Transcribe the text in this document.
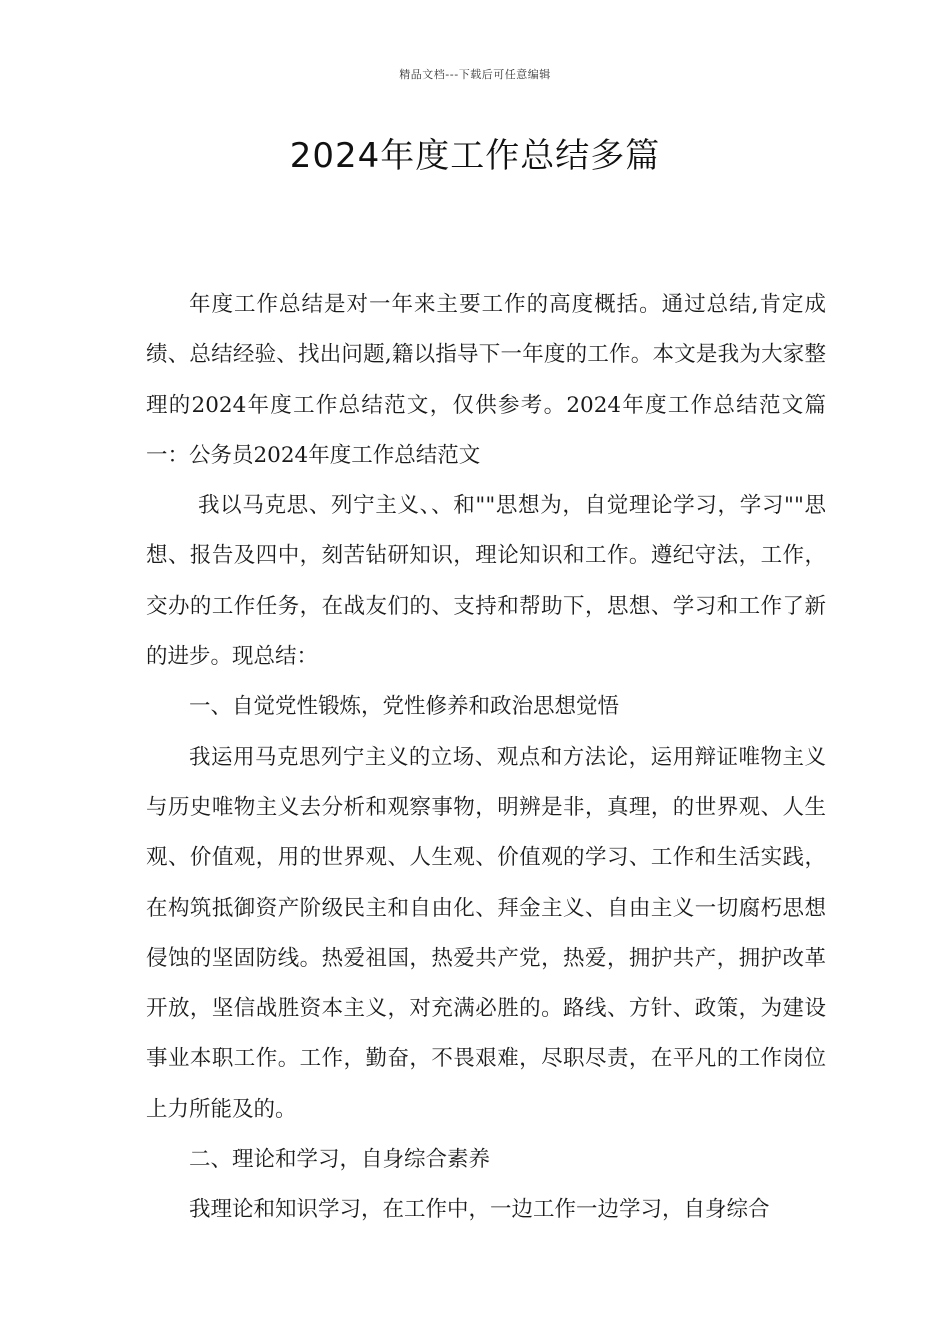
精品文档---下载后可任意编辑
2024年度工作总结多篇

年度工作总结是对一年来主要工作的高度概括。通过总结,肯定成绩、总结经验、找出问题,籍以指导下一年度的工作。本文是我为大家整理的2024年度工作总结范文，仅供参考。2024年度工作总结范文篇一：公务员2024年度工作总结范文

我以马克思、列宁主义、、和""思想为，自觉理论学习，学习""思想、报告及四中，刻苦钻研知识，理论知识和工作。遵纪守法，工作，交办的工作任务，在战友们的、支持和帮助下，思想、学习和工作了新的进步。现总结：

一、自觉党性锻炼，党性修养和政治思想觉悟

我运用马克思列宁主义的立场、观点和方法论，运用辩证唯物主义与历史唯物主义去分析和观察事物，明辨是非，真理，的世界观、人生观、价值观，用的世界观、人生观、价值观的学习、工作和生活实践，在构筑抵御资产阶级民主和自由化、拜金主义、自由主义一切腐朽思想侵蚀的坚固防线。热爱祖国，热爱共产党，热爱，拥护共产，拥护改革开放，坚信战胜资本主义，对充满必胜的。路线、方针、政策，为建设事业本职工作。工作，勤奋，不畏艰难，尽职尽责，在平凡的工作岗位上力所能及的。

二、理论和学习，自身综合素养

我理论和知识学习，在工作中，一边工作一边学习，自身综合
